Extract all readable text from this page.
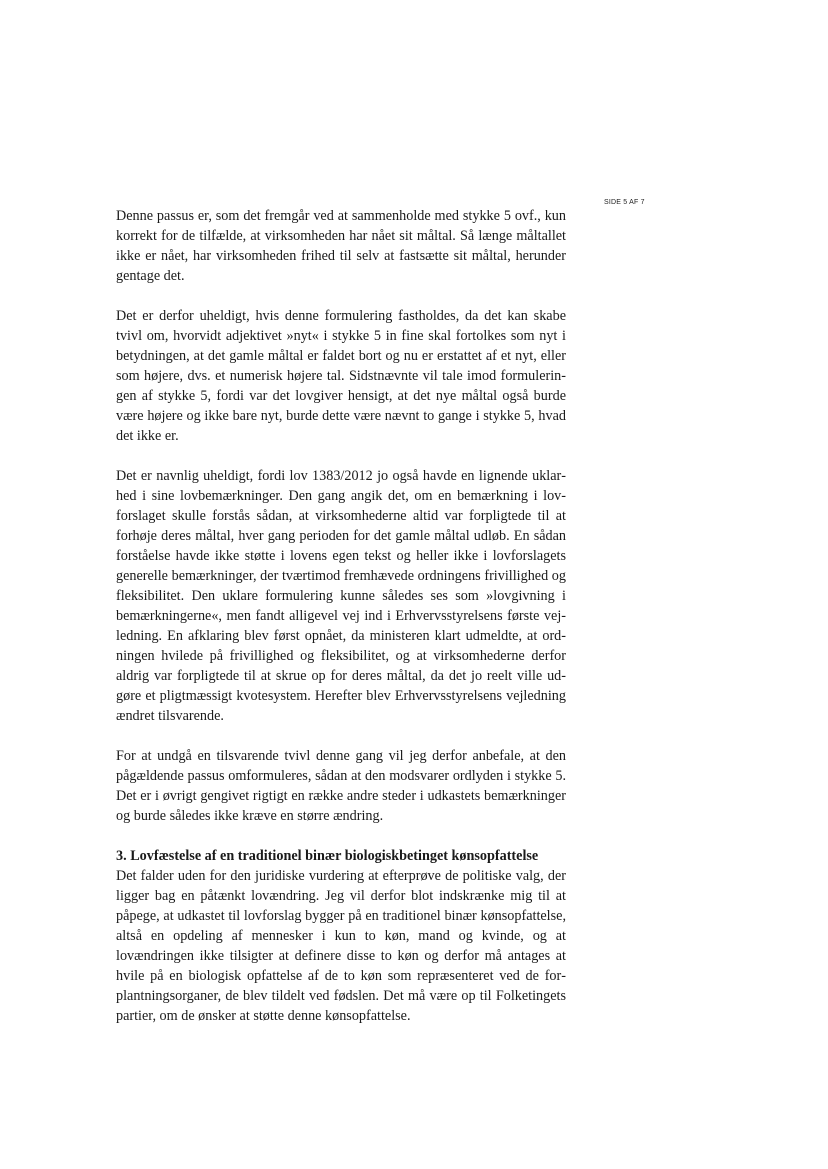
SIDE 5 AF 7

Denne passus er, som det fremgår ved at sammenholde med stykke 5 ovf., kun korrekt for de tilfælde, at virksomheden har nået sit måltal. Så længe måltallet ikke er nået, har virksomheden frihed til selv at fastsætte sit måltal, herunder gentage det.

Det er derfor uheldigt, hvis denne formulering fastholdes, da det kan skabe tvivl om, hvorvidt adjektivet »nyt« i stykke 5 in fine skal fortolkes som nyt i betydningen, at det gamle måltal er faldet bort og nu er erstattet af et nyt, eller som højere, dvs. et numerisk højere tal. Sidstnævnte vil tale imod formuleringen af stykke 5, fordi var det lovgiver hensigt, at det nye måltal også burde være højere og ikke bare nyt, burde dette være nævnt to gange i stykke 5, hvad det ikke er.

Det er navnlig uheldigt, fordi lov 1383/2012 jo også havde en lignende uklarhed i sine lovbemærkninger. Den gang angik det, om en bemærkning i lovforslaget skulle forstås sådan, at virksomhederne altid var forpligtede til at forhøje deres måltal, hver gang perioden for det gamle måltal udløb. En sådan forståelse havde ikke støtte i lovens egen tekst og heller ikke i lovforslagets generelle bemærkninger, der tværtimod fremhævede ordningens frivillighed og fleksibilitet. Den uklare formulering kunne således ses som »lovgivning i bemærkningerne«, men fandt alligevel vej ind i Erhvervsstyrelsens første vejledning. En afklaring blev først opnået, da ministeren klart udmeldte, at ordningen hvilede på frivillighed og fleksibilitet, og at virksomhederne derfor aldrig var forpligtede til at skrue op for deres måltal, da det jo reelt ville udgøre et pligtmæssigt kvotesystem. Herefter blev Erhvervsstyrelsens vejledning ændret tilsvarende.

For at undgå en tilsvarende tvivl denne gang vil jeg derfor anbefale, at den pågældende passus omformuleres, sådan at den modsvarer ordlyden i stykke 5. Det er i øvrigt gengivet rigtigt en række andre steder i udkastets bemærkninger og burde således ikke kræve en større ændring.

3. Lovfæstelse af en traditionel binær biologiskbetinget kønsopfattelse

Det falder uden for den juridiske vurdering at efterprøve de politiske valg, der ligger bag en påtænkt lovændring. Jeg vil derfor blot indskrænke mig til at påpege, at udkastet til lovforslag bygger på en traditionel binær kønsopfattelse, altså en opdeling af mennesker i kun to køn, mand og kvinde, og at lovændringen ikke tilsigter at definere disse to køn og derfor må antages at hvile på en biologisk opfattelse af de to køn som repræsenteret ved de forplantningsorganer, de blev tildelt ved fødslen. Det må være op til Folketingets partier, om de ønsker at støtte denne kønsopfattelse.
